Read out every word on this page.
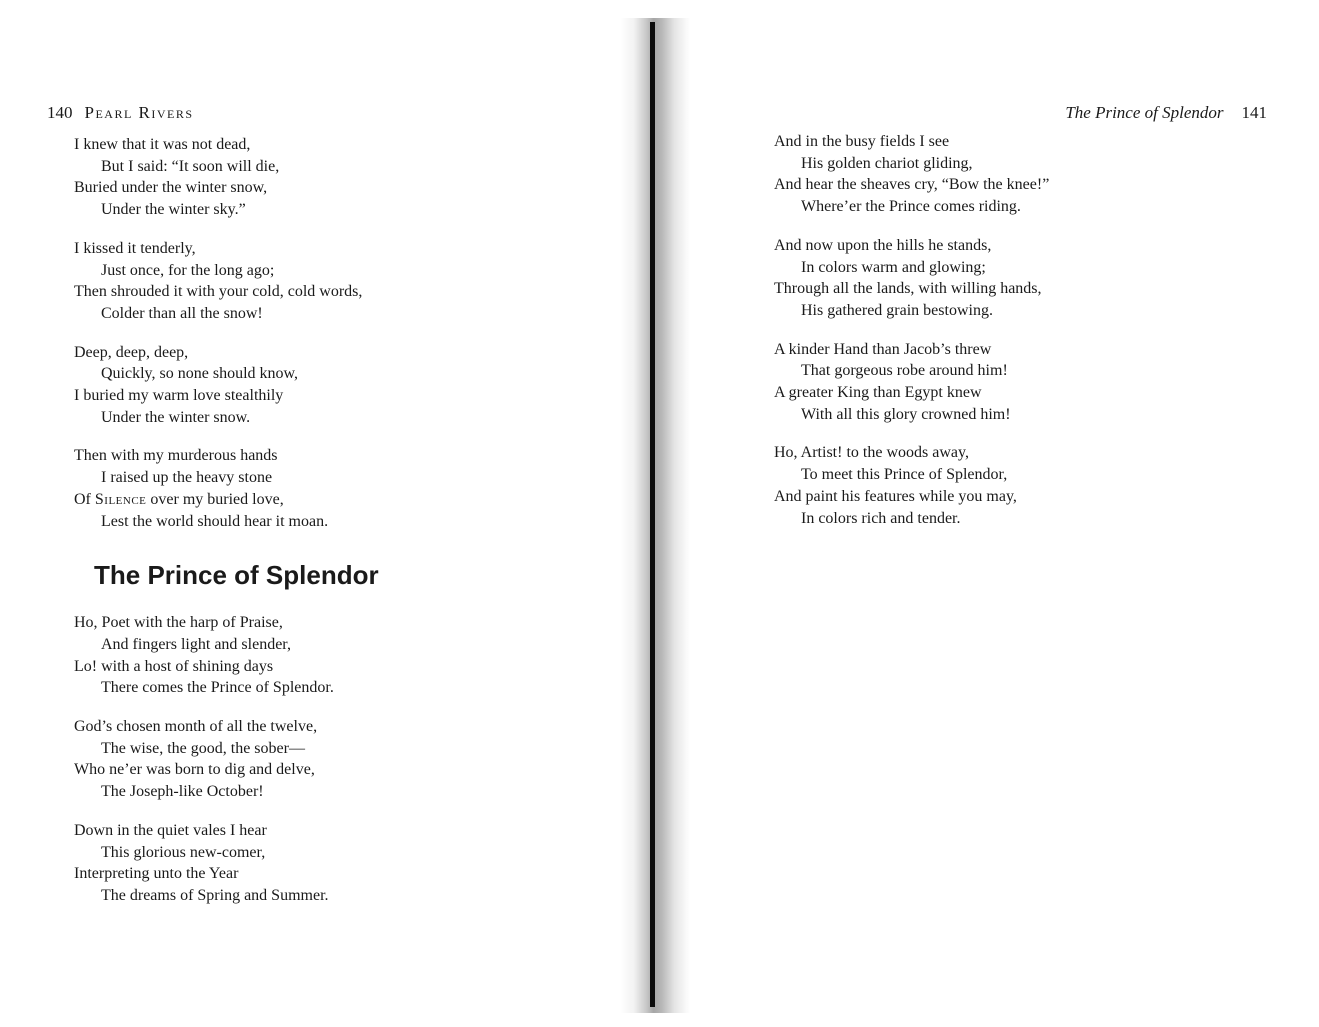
140 Pearl Rivers
I knew that it was not dead,
But I said: “It soon will die,
Buried under the winter snow,
Under the winter sky.”
I kissed it tenderly,
Just once, for the long ago;
Then shrouded it with your cold, cold words,
Colder than all the snow!
Deep, deep, deep,
Quickly, so none should know,
I buried my warm love stealthily
Under the winter snow.
Then with my murderous hands
I raised up the heavy stone
Of Silence over my buried love,
Lest the world should hear it moan.
The Prince of Splendor
Ho, Poet with the harp of Praise,
And fingers light and slender,
Lo! with a host of shining days
There comes the Prince of Splendor.
God’s chosen month of all the twelve,
The wise, the good, the sober—
Who ne’er was born to dig and delve,
The Joseph-like October!
Down in the quiet vales I hear
This glorious new-comer,
Interpreting unto the Year
The dreams of Spring and Summer.
The Prince of Splendor 141
And in the busy fields I see
His golden chariot gliding,
And hear the sheaves cry, “Bow the knee!”
Where’er the Prince comes riding.
And now upon the hills he stands,
In colors warm and glowing;
Through all the lands, with willing hands,
His gathered grain bestowing.
A kinder Hand than Jacob’s threw
That gorgeous robe around him!
A greater King than Egypt knew
With all this glory crowned him!
Ho, Artist! to the woods away,
To meet this Prince of Splendor,
And paint his features while you may,
In colors rich and tender.
